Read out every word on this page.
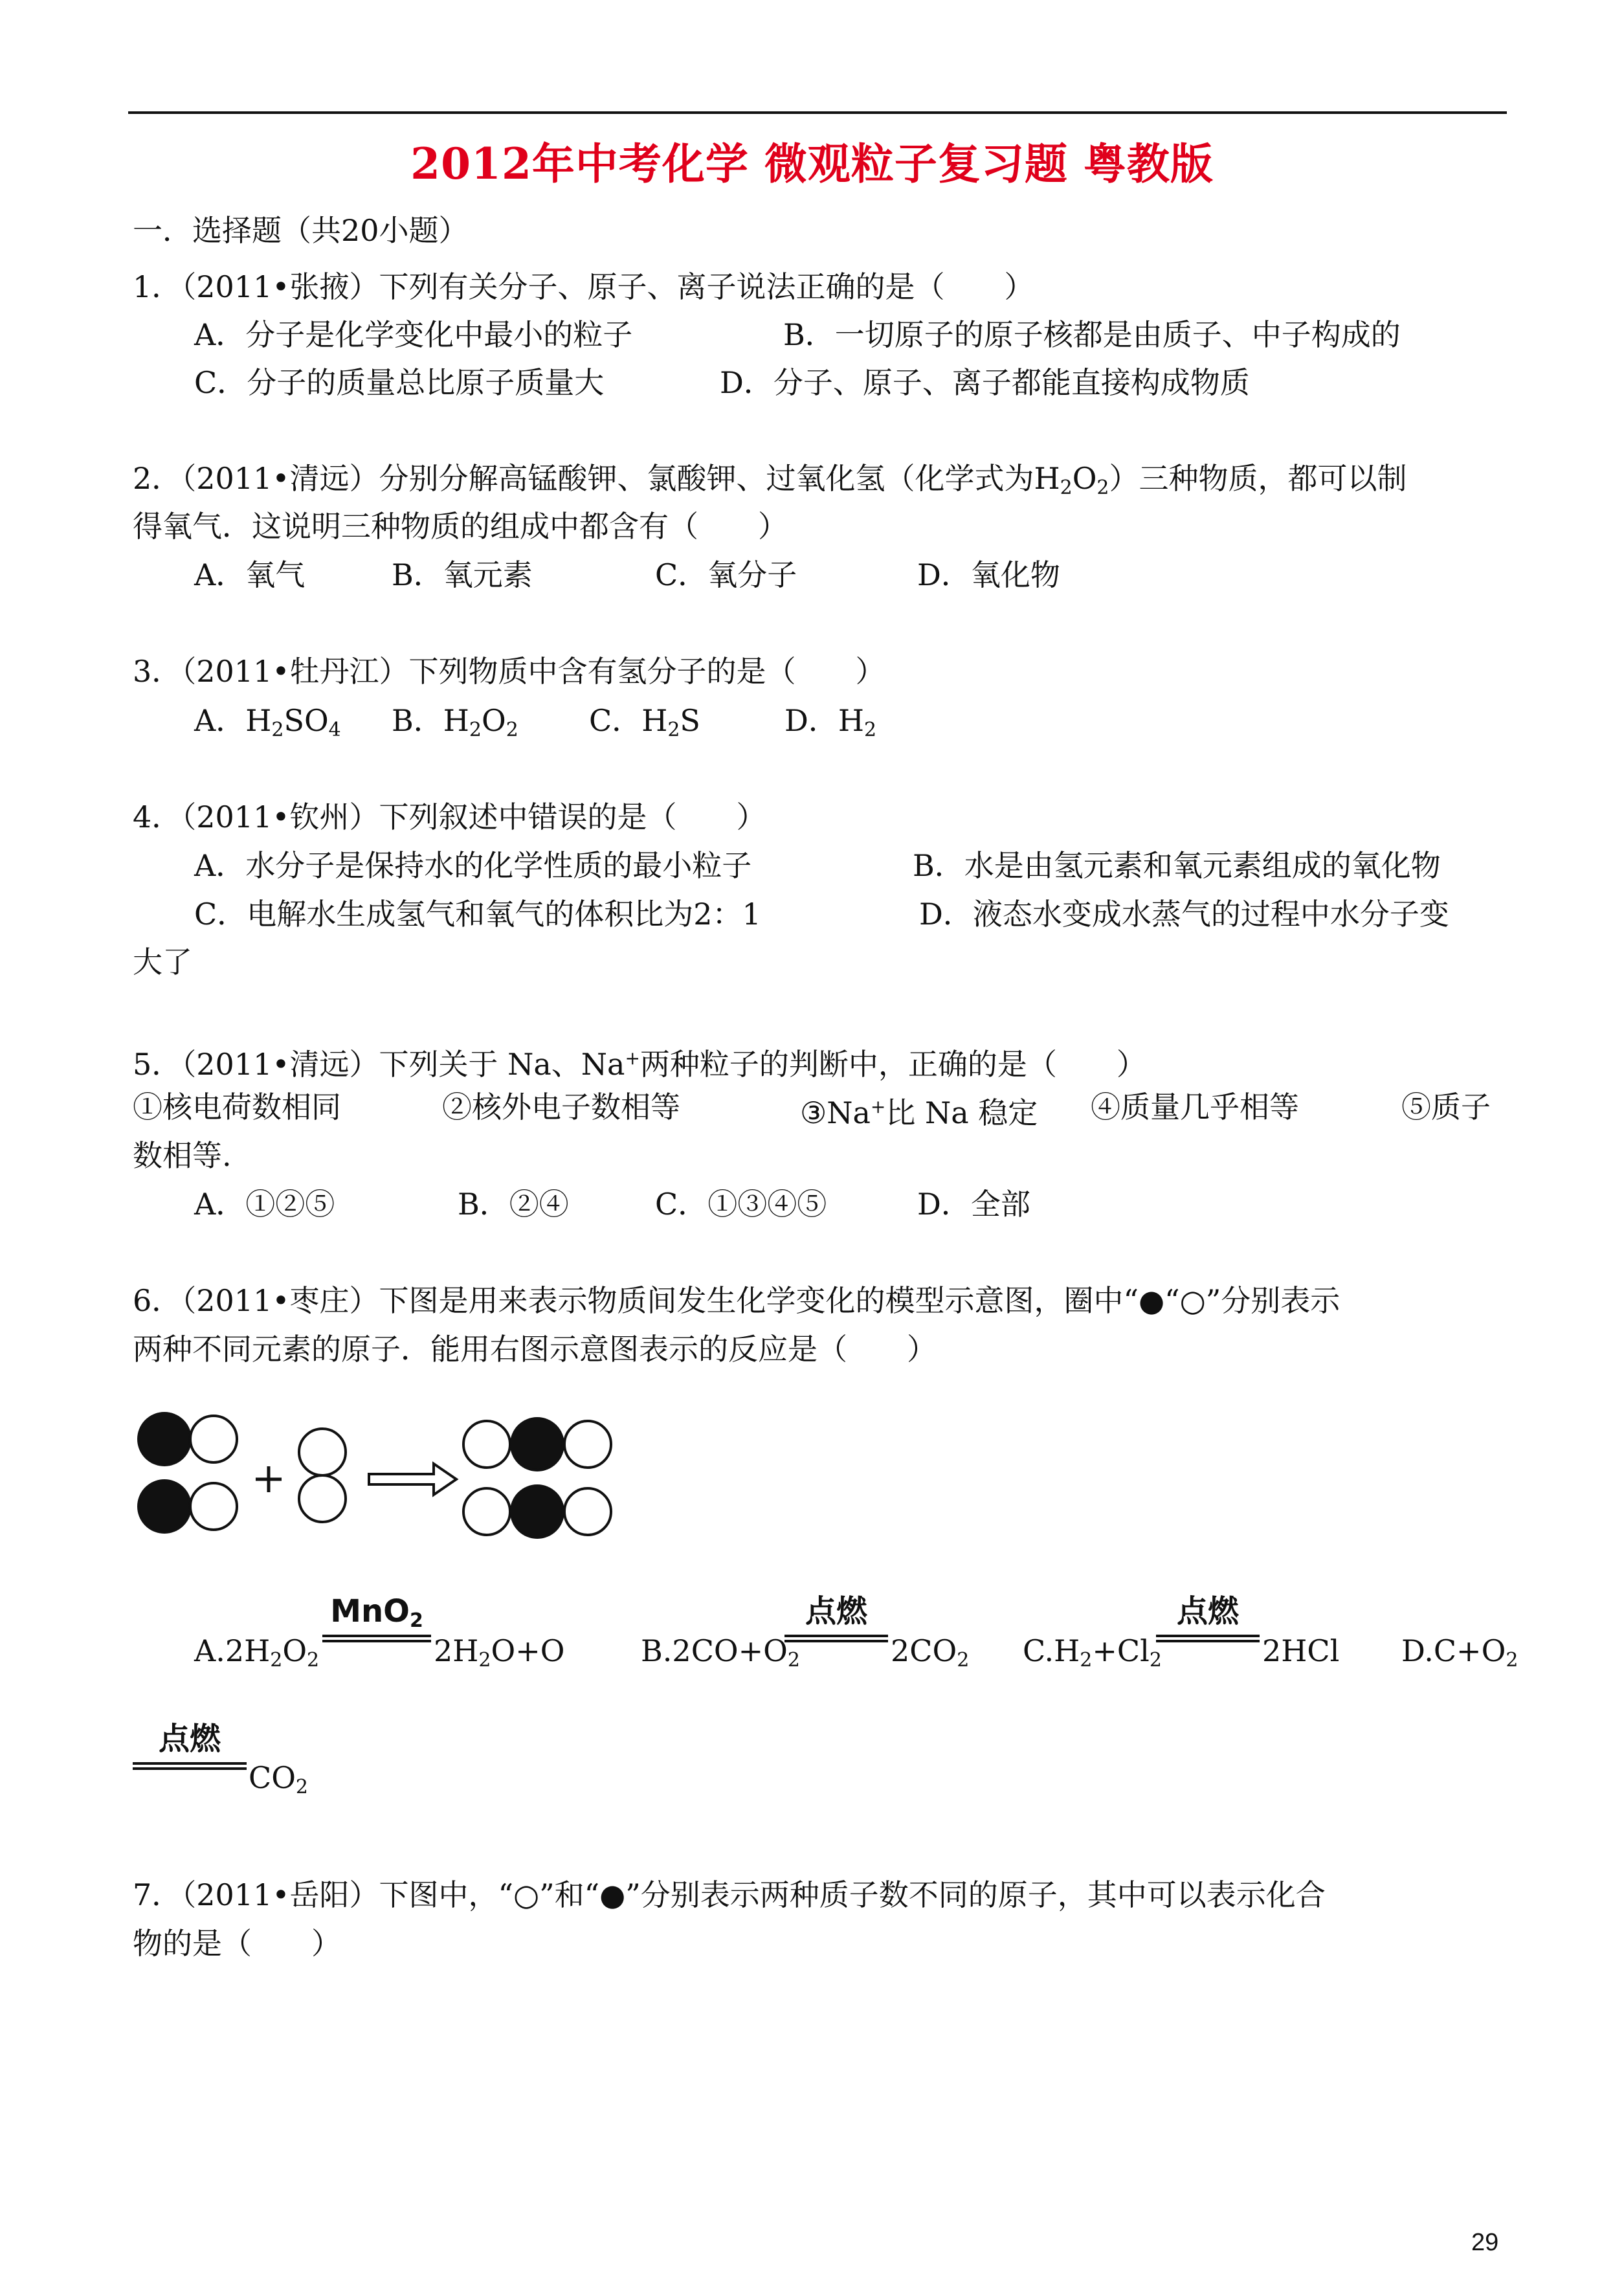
2012年中考化学 微观粒子复习题 粤教版
一．选择题（共20小题）
1．（2011•张掖）下列有关分子、原子、离子说法正确的是（　　）
A．分子是化学变化中最小的粒子	B．一切原子的原子核都是由质子、中子构成的
C．分子的质量总比原子质量大	D．分子、原子、离子都能直接构成物质
2．（2011•清远）分别分解高锰酸钾、氯酸钾、过氧化氢（化学式为$H_2O_2$）三种物质，都可以制
得氧气．这说明三种物质的组成中都含有（　　）
A．氧气	B．氧元素	C．氧分子	D．氧化物
3．（2011•牡丹江）下列物质中含有氢分子的是（　　）
A．$H_2SO_4$ B．$H_2O_2$ C．$H_2S$	D．$H_2$
4．（2011•钦州）下列叙述中错误的是（　　）
A．水分子是保持水的化学性质的最小粒子	B．水是由氢元素和氧元素组成的氧化物
C．电解水生成氢气和氧气的体积比为2：1	D．液态水变成水蒸气的过程中水分子变
大了
5．（2011•清远）下列关于 Na、Na+两种粒子的判断中，正确的是（　　）
①核电荷数相同	②核外电子数相等	③Na+比 Na 稳定 ④质量几乎相等	⑤质子
数相等.
A．①②⑤	B．②④	C．①③④⑤	D．全部
6．（2011•枣庄）下图是用来表示物质间发生化学变化的模型示意图，圈中“●“○”分别表示
两种不同元素的原子．能用右图示意图表示的反应是（　　）
$A.2H_2O_2$
MnO$_2$
$2H_2O+O$	$B.2CO+O_2$
点燃
$2CO_2$ $C.H_2+Cl_2$
点燃
2HCl $D.C+O_2$
点燃
$CO_2$
7．（2011•岳阳）下图中，“○”和“●”分别表示两种质子数不同的原子，其中可以表示化合
物的是（　　）
29
